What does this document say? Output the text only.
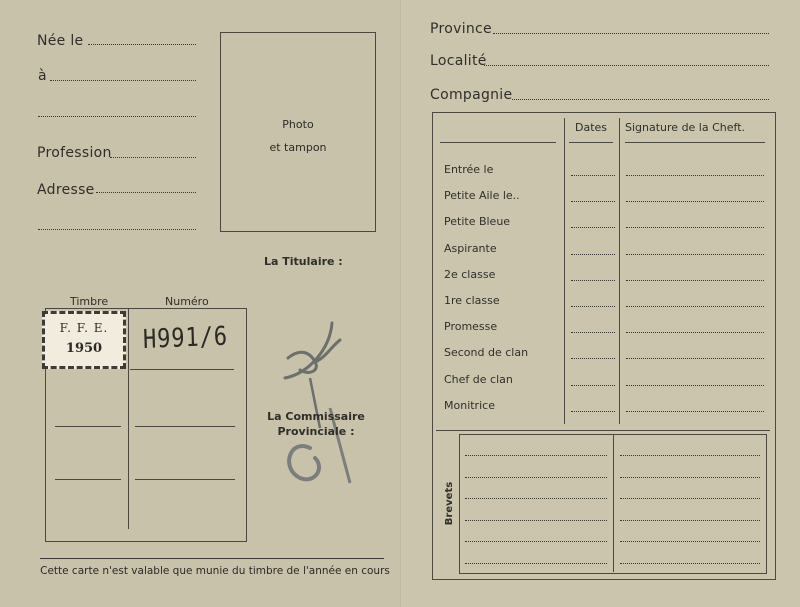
Née le
à
Profession
Adresse
Photo
et tampon
La Titulaire :
Timbre	Numéro
F. F. E.
1950	H991/6
La Commissaire
Provinciale :
Cette carte n'est valable que munie du timbre de l'année en cours
Province
Localité
Compagnie
Dates Signature de la Cheft.
Entrée le
Petite Aile le..
Petite Bleue
Aspirante
2e classe
1re classe
Promesse
Second de clan
Chef de clan
Monitrice
Brevets
